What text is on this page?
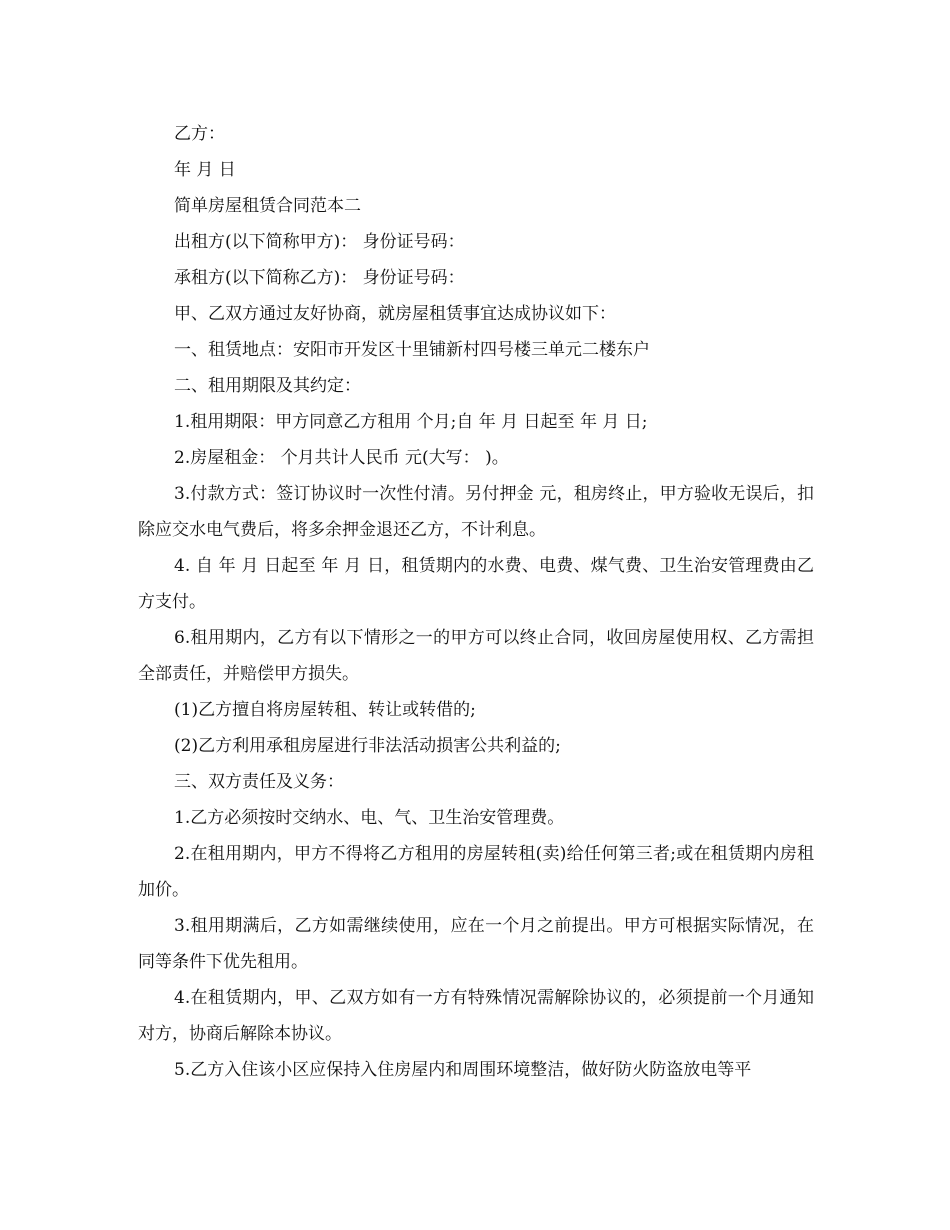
乙方：

年 月 日

简单房屋租赁合同范本二

出租方(以下简称甲方)： 身份证号码：

承租方(以下简称乙方)： 身份证号码：

甲、乙双方通过友好协商，就房屋租赁事宜达成协议如下：

一、租赁地点：安阳市开发区十里铺新村四号楼三单元二楼东户

二、租用期限及其约定：

1.租用期限：甲方同意乙方租用 个月;自 年 月 日起至 年 月 日;

2.房屋租金： 个月共计人民币 元(大写： )。

3.付款方式：签订协议时一次性付清。另付押金 元，租房终止，甲方验收无误后，扣除应交水电气费后，将多余押金退还乙方，不计利息。

4. 自 年 月 日起至 年 月 日，租赁期内的水费、电费、煤气费、卫生治安管理费由乙方支付。

6.租用期内，乙方有以下情形之一的甲方可以终止合同，收回房屋使用权、乙方需担全部责任，并赔偿甲方损失。

(1)乙方擅自将房屋转租、转让或转借的;

(2)乙方利用承租房屋进行非法活动损害公共利益的;

三、双方责任及义务：

1.乙方必须按时交纳水、电、气、卫生治安管理费。

2.在租用期内，甲方不得将乙方租用的房屋转租(卖)给任何第三者;或在租赁期内房租加价。

3.租用期满后，乙方如需继续使用，应在一个月之前提出。甲方可根据实际情况，在同等条件下优先租用。

4.在租赁期内，甲、乙双方如有一方有特殊情况需解除协议的，必须提前一个月通知对方，协商后解除本协议。

5.乙方入住该小区应保持入住房屋内和周围环境整洁，做好防火防盗放电等平
